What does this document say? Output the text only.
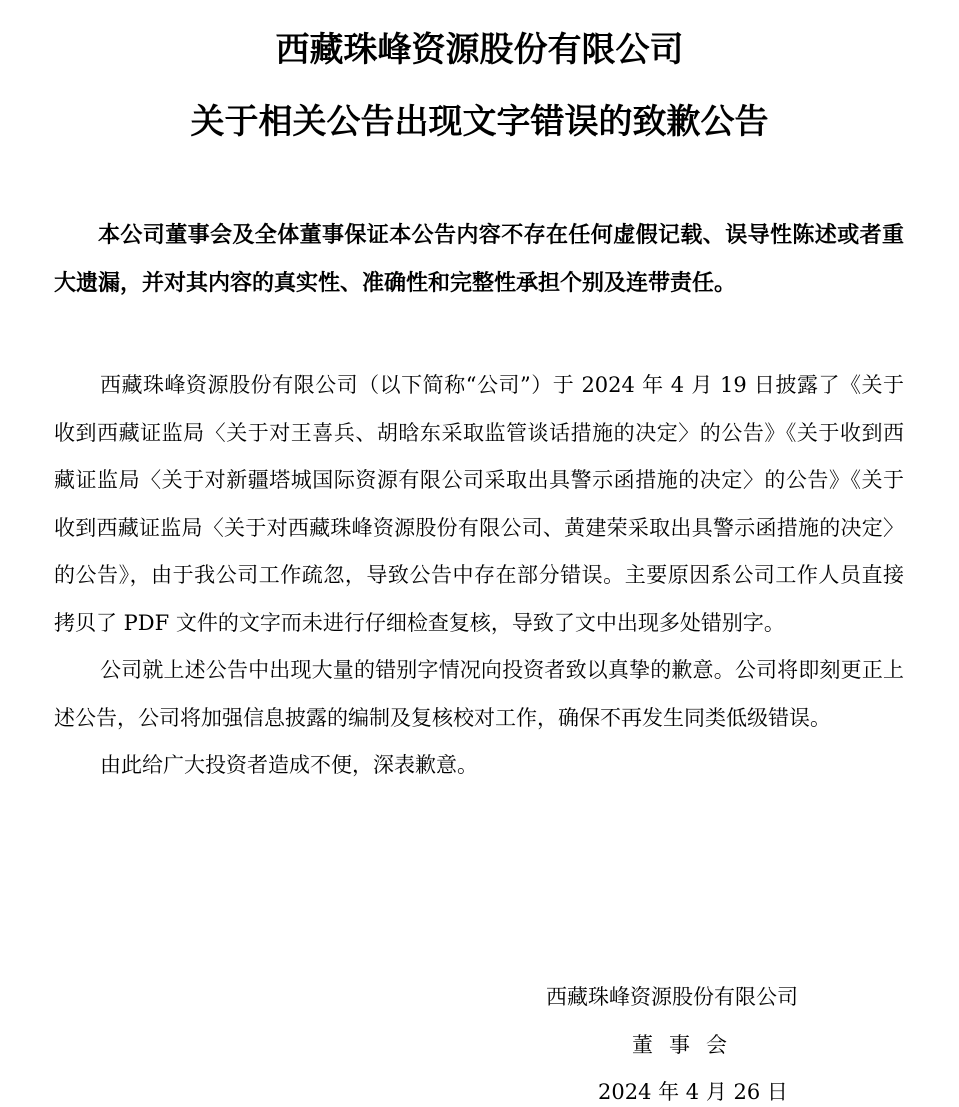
西藏珠峰资源股份有限公司
关于相关公告出现文字错误的致歉公告

本公司董事会及全体董事保证本公告内容不存在任何虚假记载、误导性陈述或者重大遗漏，并对其内容的真实性、准确性和完整性承担个别及连带责任。

西藏珠峰资源股份有限公司（以下简称“公司”）于 2024 年 4 月 19 日披露了《关于收到西藏证监局〈关于对王喜兵、胡晗东采取监管谈话措施的决定〉的公告》《关于收到西藏证监局〈关于对新疆塔城国际资源有限公司采取出具警示函措施的决定〉的公告》《关于收到西藏证监局〈关于对西藏珠峰资源股份有限公司、黄建荣采取出具警示函措施的决定〉的公告》，由于我公司工作疏忽，导致公告中存在部分错误。主要原因系公司工作人员直接拷贝了 PDF 文件的文字而未进行仔细检查复核，导致了文中出现多处错别字。

公司就上述公告中出现大量的错别字情况向投资者致以真挚的歉意。公司将即刻更正上述公告，公司将加强信息披露的编制及复核校对工作，确保不再发生同类低级错误。

由此给广大投资者造成不便，深表歉意。

西藏珠峰资源股份有限公司

董事会

2024 年 4 月 26 日
